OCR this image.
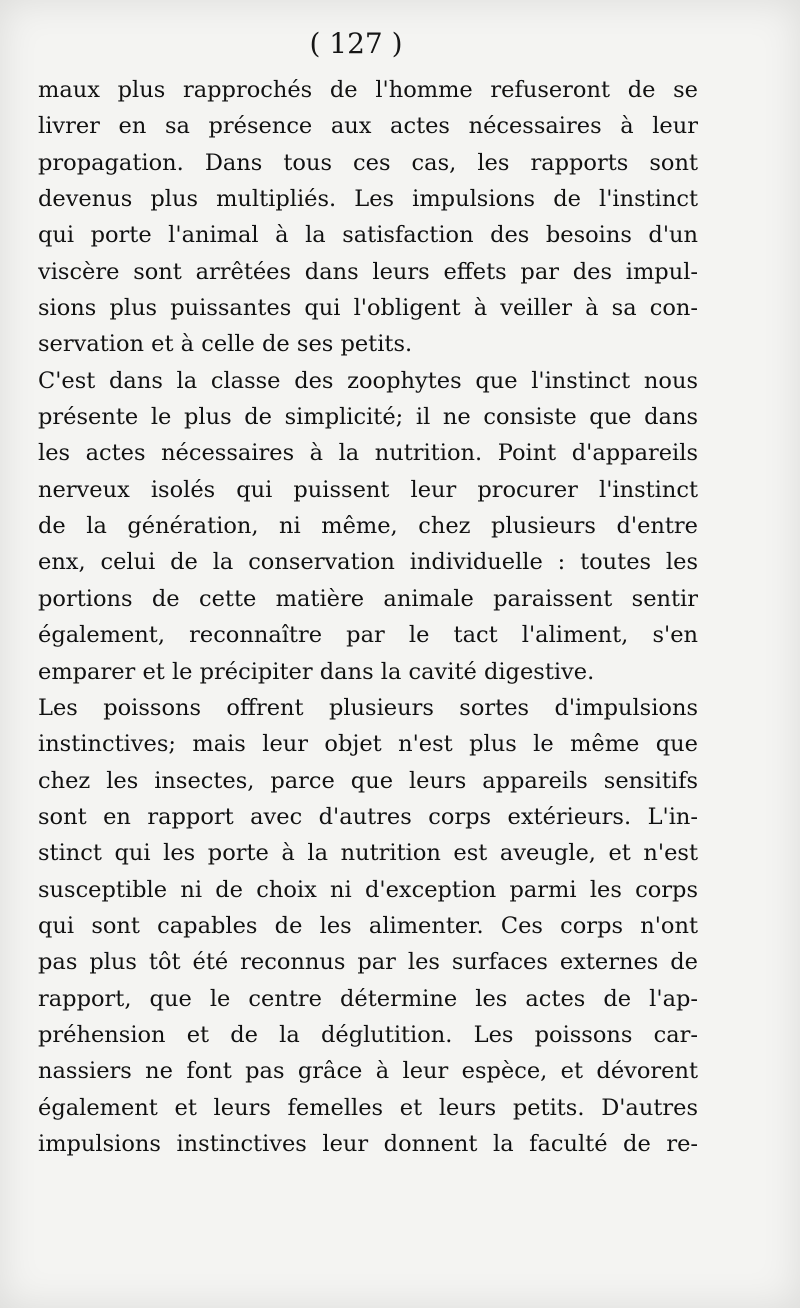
( 127 )
maux plus rapprochés de l'homme refuseront de se
livrer en sa présence aux actes nécessaires à leur
propagation. Dans tous ces cas, les rapports sont
devenus plus multipliés. Les impulsions de l'instinct
qui porte l'animal à la satisfaction des besoins d'un
viscère sont arrêtées dans leurs effets par des impul-
sions plus puissantes qui l'obligent à veiller à sa con-
servation et à celle de ses petits.
C'est dans la classe des zoophytes que l'instinct nous
présente le plus de simplicité; il ne consiste que dans
les actes nécessaires à la nutrition. Point d'appareils
nerveux isolés qui puissent leur procurer l'instinct
de la génération, ni même, chez plusieurs d'entre
enx, celui de la conservation individuelle : toutes les
portions de cette matière animale paraissent sentir
également, reconnaître par le tact l'aliment, s'en
emparer et le précipiter dans la cavité digestive.
Les poissons offrent plusieurs sortes d'impulsions
instinctives; mais leur objet n'est plus le même que
chez les insectes, parce que leurs appareils sensitifs
sont en rapport avec d'autres corps extérieurs. L'in-
stinct qui les porte à la nutrition est aveugle, et n'est
susceptible ni de choix ni d'exception parmi les corps
qui sont capables de les alimenter. Ces corps n'ont
pas plus tôt été reconnus par les surfaces externes de
rapport, que le centre détermine les actes de l'ap-
préhension et de la déglutition. Les poissons car-
nassiers ne font pas grâce à leur espèce, et dévorent
également et leurs femelles et leurs petits. D'autres
impulsions instinctives leur donnent la faculté de re-
